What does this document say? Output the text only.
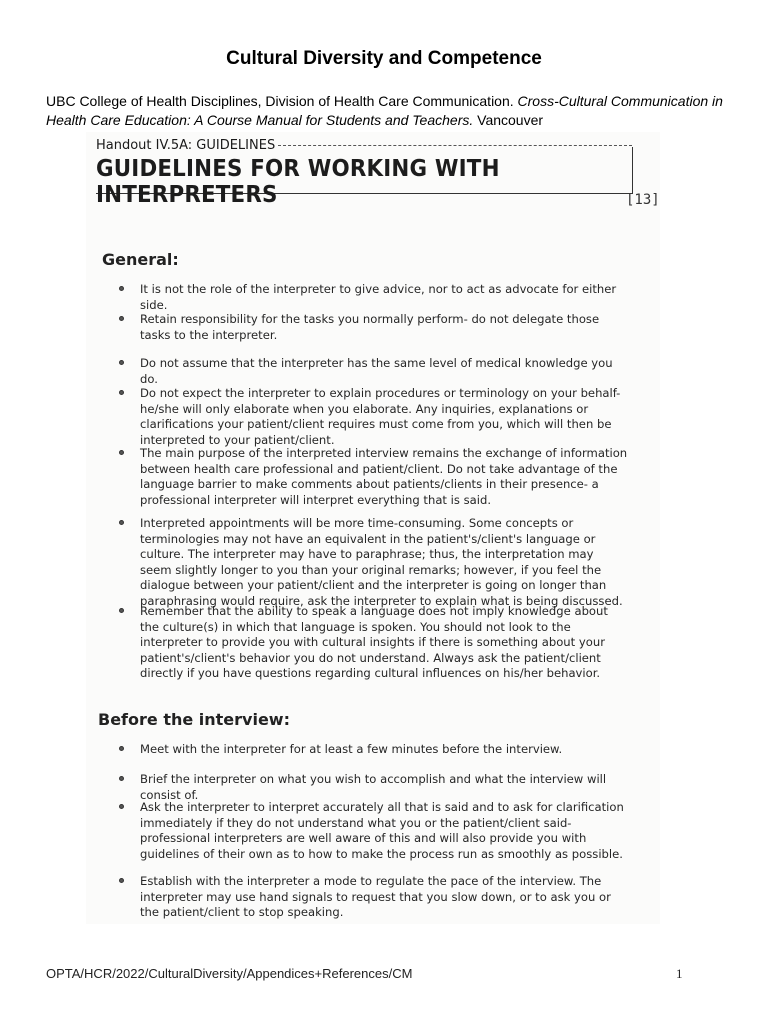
Cultural Diversity and Competence
UBC College of Health Disciplines, Division of Health Care Communication. Cross-Cultural Communication in Health Care Education: A Course Manual for Students and Teachers. Vancouver
Handout IV.5A: GUIDELINES
GUIDELINES FOR WORKING WITH INTERPRETERS	[13]
General:
It is not the role of the interpreter to give advice, nor to act as advocate for either side.
Retain responsibility for the tasks you normally perform- do not delegate those tasks to the interpreter.
Do not assume that the interpreter has the same level of medical knowledge you do.
Do not expect the interpreter to explain procedures or terminology on your behalf- he/she will only elaborate when you elaborate. Any inquiries, explanations or clarifications your patient/client requires must come from you, which will then be interpreted to your patient/client.
The main purpose of the interpreted interview remains the exchange of information between health care professional and patient/client. Do not take advantage of the language barrier to make comments about patients/clients in their presence- a professional interpreter will interpret everything that is said.
Interpreted appointments will be more time-consuming. Some concepts or terminologies may not have an equivalent in the patient's/client's language or culture. The interpreter may have to paraphrase; thus, the interpretation may seem slightly longer to you than your original remarks; however, if you feel the dialogue between your patient/client and the interpreter is going on longer than paraphrasing would require, ask the interpreter to explain what is being discussed.
Remember that the ability to speak a language does not imply knowledge about the culture(s) in which that language is spoken. You should not look to the interpreter to provide you with cultural insights if there is something about your patient's/client's behavior you do not understand. Always ask the patient/client directly if you have questions regarding cultural influences on his/her behavior.
Before the interview:
Meet with the interpreter for at least a few minutes before the interview.
Brief the interpreter on what you wish to accomplish and what the interview will consist of.
Ask the interpreter to interpret accurately all that is said and to ask for clarification immediately if they do not understand what you or the patient/client said- professional interpreters are well aware of this and will also provide you with guidelines of their own as to how to make the process run as smoothly as possible.
Establish with the interpreter a mode to regulate the pace of the interview. The interpreter may use hand signals to request that you slow down, or to ask you or the patient/client to stop speaking.
OPTA/HCR/2022/CulturalDiversity/Appendices+References/CM	1
